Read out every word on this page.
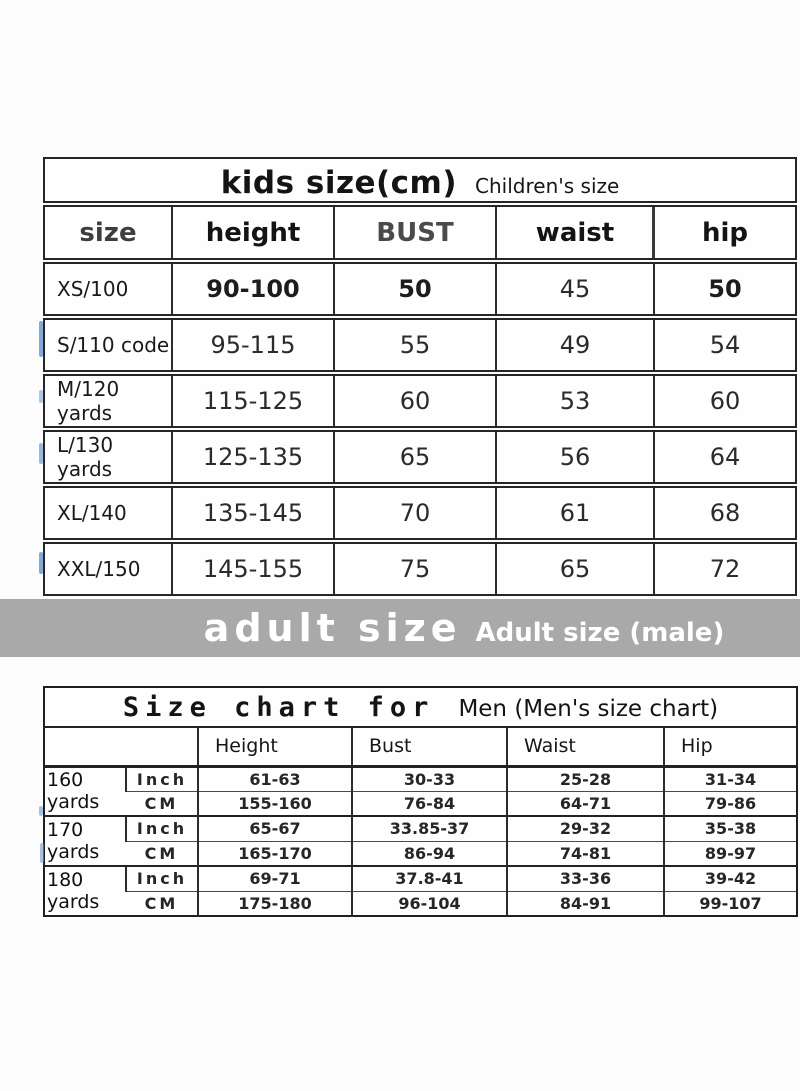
kids size(cm) Children's size
size	height	BUST	waist	hip
XS/100	90-100	50	45	50
S/110 code	95-115	55	49	54
M/120 yards	115-125	60	53	60
L/130 yards	125-135	65	56	64
XL/140	135-145	70	61	68
XXL/150	145-155	75	65	72
adult size Adult size (male)
Size chart for Men (Men's size chart)					

		Height	Bust	Waist	Hip
160 yards	Inch	61-63	30-33	25-28	31-34
	CM	155-160	76-84	64-71	79-86
170 yards	Inch	65-67	33.85-37	29-32	35-38
	CM	165-170	86-94	74-81	89-97
180 yards	Inch	69-71	37.8-41	33-36	39-42
	CM	175-180	96-104	84-91	99-107
